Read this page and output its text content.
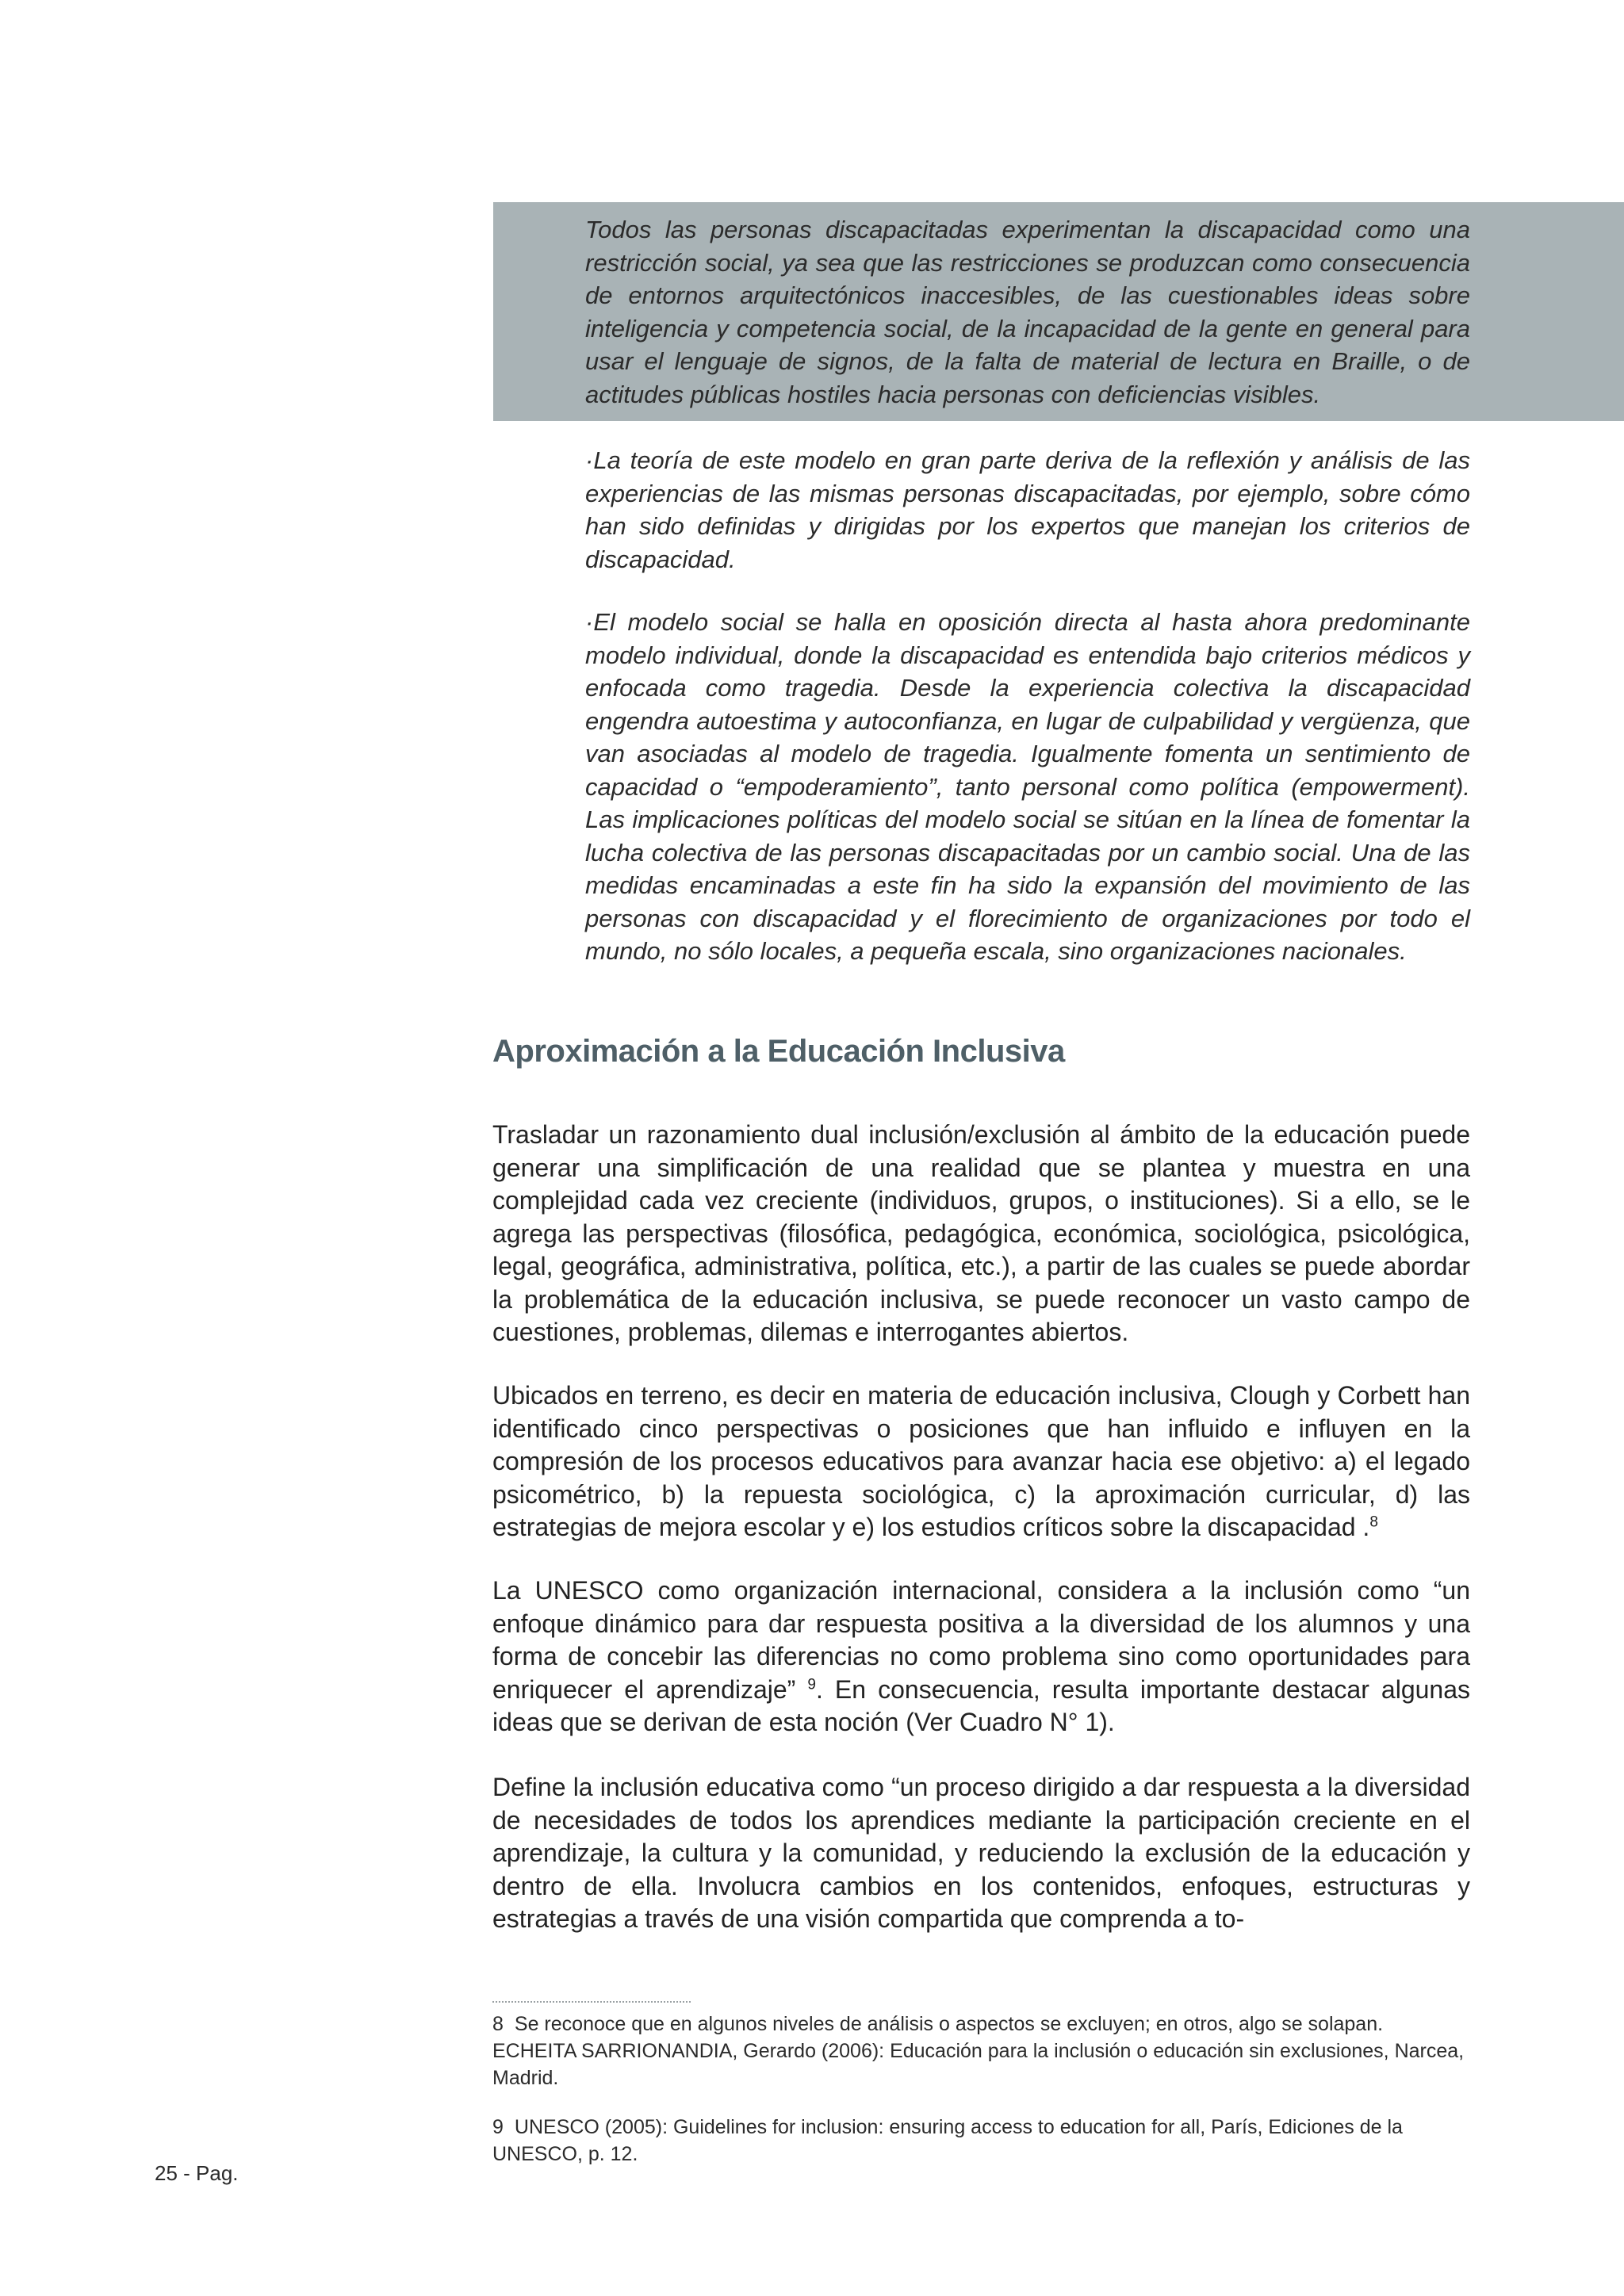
Todos las personas discapacitadas experimentan la discapacidad como una restricción social, ya sea que las restricciones se produzcan como consecuencia de entornos arquitectónicos inaccesibles, de las cuestionables ideas sobre inteligencia y competencia social, de la incapacidad de la gente en general para usar el lenguaje de signos, de la falta de material de lectura en Braille, o de actitudes públicas hostiles hacia personas con deficiencias visibles.

·La teoría de este modelo en gran parte deriva de la reflexión y análisis de las experiencias de las mismas personas discapacitadas, por ejemplo, sobre cómo han sido definidas y dirigidas por los expertos que manejan los criterios de discapacidad.

·El modelo social se halla en oposición directa al hasta ahora predominante modelo individual, donde la discapacidad es entendida bajo criterios médicos y enfocada como tragedia. Desde la experiencia colectiva la discapacidad engendra autoestima y autoconfianza, en lugar de culpabilidad y vergüenza, que van asociadas al modelo de tragedia. Igualmente fomenta un sentimiento de capacidad o “empoderamiento”, tanto personal como política (empowerment). Las implicaciones políticas del modelo social se sitúan en la línea de fomentar la lucha colectiva de las personas discapacitadas por un cambio social. Una de las medidas encaminadas a este fin ha sido la expansión del movimiento de las personas con discapacidad y el florecimiento de organizaciones por todo el mundo, no sólo locales, a pequeña escala, sino organizaciones nacionales.

Aproximación a la Educación Inclusiva

Trasladar un razonamiento dual inclusión/exclusión al ámbito de la educación puede generar una simplificación de una realidad que se plantea y muestra en una complejidad cada vez creciente (individuos, grupos, o instituciones). Si a ello, se le agrega las perspectivas (filosófica, pedagógica, económica, sociológica, psicológica, legal, geográfica, administrativa, política, etc.), a partir de las cuales se puede abordar la problemática de la educación inclusiva, se puede reconocer un vasto campo de cuestiones, problemas, dilemas e interrogantes abiertos.

Ubicados en terreno, es decir en materia de educación inclusiva, Clough y Corbett han identificado cinco perspectivas o posiciones que han influido e influyen en la compresión de los procesos educativos para avanzar hacia ese objetivo: a) el legado psicométrico, b) la repuesta sociológica, c) la aproximación curricular, d) las estrategias de mejora escolar y e) los estudios críticos sobre la discapacidad .$^8$

La UNESCO como organización internacional, considera a la inclusión como “un enfoque dinámico para dar respuesta positiva a la diversidad de los alumnos y una forma de concebir las diferencias no como problema sino como oportunidades para enriquecer el aprendizaje” $^9$. En consecuencia, resulta importante destacar algunas ideas que se derivan de esta noción (Ver Cuadro N° 1).

Define la inclusión educativa como “un proceso dirigido a dar respuesta a la diversidad de necesidades de todos los aprendices mediante la participación creciente en el aprendizaje, la cultura y la comunidad, y reduciendo la exclusión de la educación y dentro de ella. Involucra cambios en los contenidos, enfoques, estructuras y estrategias a través de una visión compartida que comprenda a to-

8 Se reconoce que en algunos niveles de análisis o aspectos se excluyen; en otros, algo se solapan. ECHEITA SARRIONANDIA, Gerardo (2006): Educación para la inclusión o educación sin exclusiones, Narcea, Madrid.

9 UNESCO (2005): Guidelines for inclusion: ensuring access to education for all, París, Ediciones de la UNESCO, p. 12.

25 - Pag.
